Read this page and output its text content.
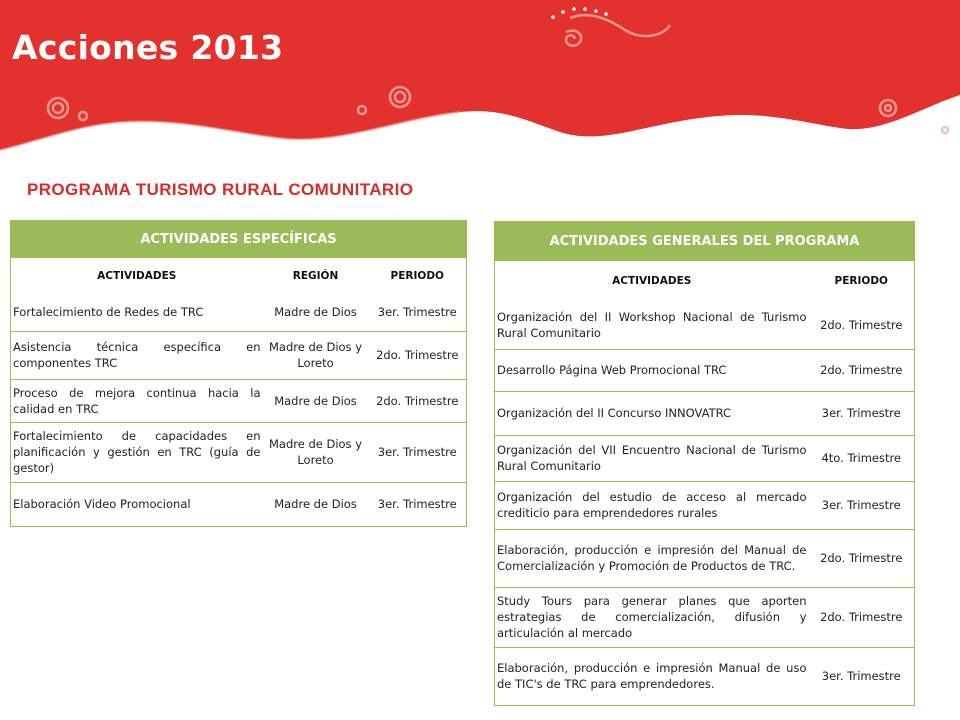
Acciones 2013
PROGRAMA TURISMO RURAL COMUNITARIO
ACTIVIDADES ESPECÍFICAS		
ACTIVIDADES	REGIÓN	PERIODO
Fortalecimiento de Redes de TRC	Madre de Dios	3er. Trimestre
Asistencia técnica específica en componentes TRC	Madre de Dios y Loreto	2do. Trimestre
Proceso de mejora continua hacia la calidad en TRC	Madre de Dios	2do. Trimestre
Fortalecimiento de capacidades en planificación y gestión en TRC (guía de gestor)	Madre de Dios y Loreto	3er. Trimestre
Elaboración Video Promocional	Madre de Dios	3er. Trimestre
ACTIVIDADES GENERALES DEL PROGRAMA	
ACTIVIDADES	PERIODO
Organización del II Workshop Nacional de Turismo Rural Comunitario	2do. Trimestre
Desarrollo Página Web Promocional TRC	2do. Trimestre
Organización del II Concurso INNOVATRC	3er. Trimestre
Organización del VII Encuentro Nacional de Turismo Rural Comunitario	4to. Trimestre
Organización del estudio de acceso al mercado crediticio para emprendedores rurales	3er. Trimestre
Elaboración, producción e impresión del Manual de Comercialización y Promoción de Productos de TRC.	2do. Trimestre
Study Tours para generar planes que aporten estrategias de comercialización, difusión y articulación al mercado	2do. Trimestre
Elaboración, producción e impresión Manual de uso de TIC's de TRC para emprendedores.	3er. Trimestre
